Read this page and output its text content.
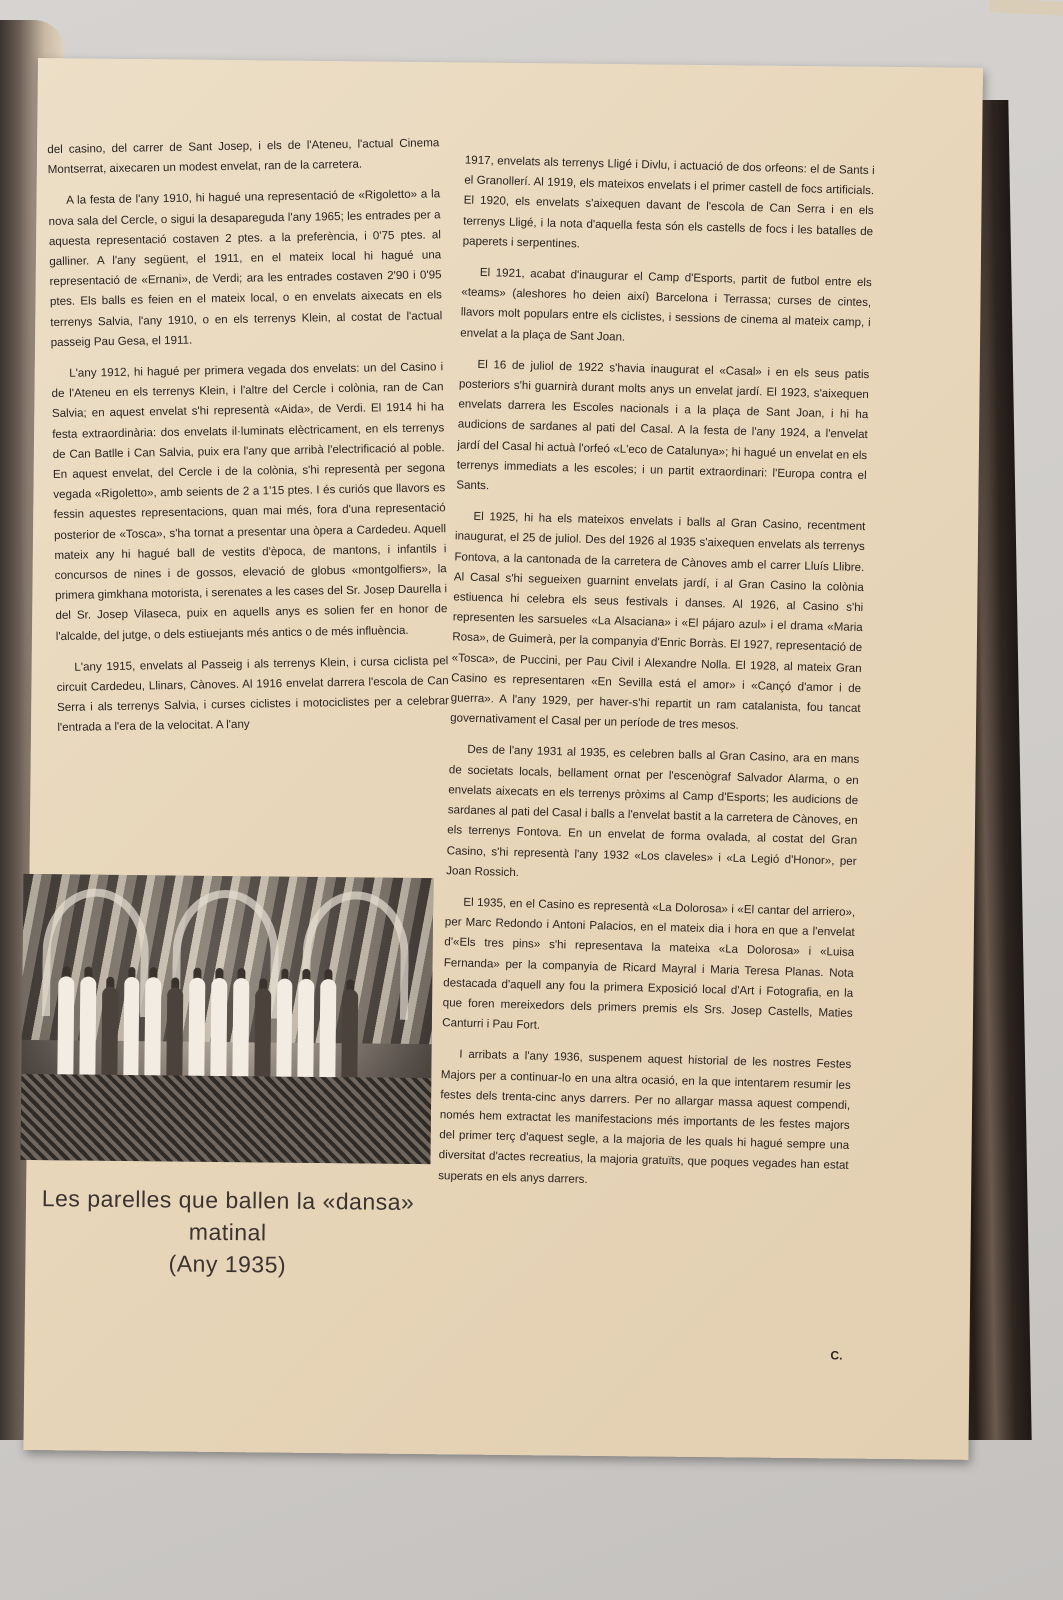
del casino, del carrer de Sant Josep, i els de l'Ateneu, l'actual Cinema Montserrat, aixecaren un modest envelat, ran de la carretera.

A la festa de l'any 1910, hi hagué una representació de «Rigoletto» a la nova sala del Cercle, o sigui la desapareguda l'any 1965; les entrades per a aquesta representació costaven 2 ptes. a la preferència, i 0'75 ptes. al galliner. A l'any següent, el 1911, en el mateix local hi hagué una representació de «Ernani», de Verdi; ara les entrades costaven 2'90 i 0'95 ptes. Els balls es feien en el mateix local, o en envelats aixecats en els terrenys Salvia, l'any 1910, o en els terrenys Klein, al costat de l'actual passeig Pau Gesa, el 1911.

L'any 1912, hi hagué per primera vegada dos envelats: un del Casino i de l'Ateneu en els terrenys Klein, i l'altre del Cercle i colònia, ran de Can Salvia; en aquest envelat s'hi representà «Aida», de Verdi. El 1914 hi ha festa extraordinària: dos envelats il·luminats elèctricament, en els terrenys de Can Batlle i Can Salvia, puix era l'any que arribà l'electrificació al poble. En aquest envelat, del Cercle i de la colònia, s'hi representà per segona vegada «Rigoletto», amb seients de 2 a 1'15 ptes. I és curiós que llavors es fessin aquestes representacions, quan mai més, fora d'una representació posterior de «Tosca», s'ha tornat a presentar una òpera a Cardedeu. Aquell mateix any hi hagué ball de vestits d'època, de mantons, i infantils i concursos de nines i de gossos, elevació de globus «montgolfiers», la primera gimkhana motorista, i serenates a les cases del Sr. Josep Daurella i del Sr. Josep Vilaseca, puix en aquells anys es solien fer en honor de l'alcalde, del jutge, o dels estiuejants més antics o de més influència.

L'any 1915, envelats al Passeig i als terrenys Klein, i cursa ciclista pel circuit Cardedeu, Llinars, Cànoves. Al 1916 envelat darrera l'escola de Can Serra i als terrenys Salvia, i curses ciclistes i motociclistes per a celebrar l'entrada a l'era de la velocitat. A l'any

Les parelles que ballen la «dansa»
matinal
(Any 1935)

1917, envelats als terrenys Lligé i Divlu, i actuació de dos orfeons: el de Sants i el Granollerí. Al 1919, els mateixos envelats i el primer castell de focs artificials. El 1920, els envelats s'aixequen davant de l'escola de Can Serra i en els terrenys Lligé, i la nota d'aquella festa són els castells de focs i les batalles de paperets i serpentines.

El 1921, acabat d'inaugurar el Camp d'Esports, partit de futbol entre els «teams» (aleshores ho deien així) Barcelona i Terrassa; curses de cintes, llavors molt populars entre els ciclistes, i sessions de cinema al mateix camp, i envelat a la plaça de Sant Joan.

El 16 de juliol de 1922 s'havia inaugurat el «Casal» i en els seus patis posteriors s'hi guarnirà durant molts anys un envelat jardí. El 1923, s'aixequen envelats darrera les Escoles nacionals i a la plaça de Sant Joan, i hi ha audicions de sardanes al pati del Casal. A la festa de l'any 1924, a l'envelat jardí del Casal hi actuà l'orfeó «L'eco de Catalunya»; hi hagué un envelat en els terrenys immediats a les escoles; i un partit extraordinari: l'Europa contra el Sants.

El 1925, hi ha els mateixos envelats i balls al Gran Casino, recentment inaugurat, el 25 de juliol. Des del 1926 al 1935 s'aixequen envelats als terrenys Fontova, a la cantonada de la carretera de Cànoves amb el carrer Lluís Llibre. Al Casal s'hi segueixen guarnint envelats jardí, i al Gran Casino la colònia estiuenca hi celebra els seus festivals i danses. Al 1926, al Casino s'hi representen les sarsueles «La Alsaciana» i «El pájaro azul» i el drama «Maria Rosa», de Guimerà, per la companyia d'Enric Borràs. El 1927, representació de «Tosca», de Puccini, per Pau Civil i Alexandre Nolla. El 1928, al mateix Gran Casino es representaren «En Sevilla está el amor» i «Cançó d'amor i de guerra». A l'any 1929, per haver-s'hi repartit un ram catalanista, fou tancat governativament el Casal per un període de tres mesos.

Des de l'any 1931 al 1935, es celebren balls al Gran Casino, ara en mans de societats locals, bellament ornat per l'escenògraf Salvador Alarma, o en envelats aixecats en els terrenys pròxims al Camp d'Esports; les audicions de sardanes al pati del Casal i balls a l'envelat bastit a la carretera de Cànoves, en els terrenys Fontova. En un envelat de forma ovalada, al costat del Gran Casino, s'hi representà l'any 1932 «Los claveles» i «La Legió d'Honor», per Joan Rossich.

El 1935, en el Casino es representà «La Dolorosa» i «El cantar del arriero», per Marc Redondo i Antoni Palacios, en el mateix dia i hora en que a l'envelat d'«Els tres pins» s'hi representava la mateixa «La Dolorosa» i «Luisa Fernanda» per la companyia de Ricard Mayral i Maria Teresa Planas. Nota destacada d'aquell any fou la primera Exposició local d'Art i Fotografia, en la que foren mereixedors dels primers premis els Srs. Josep Castells, Maties Canturri i Pau Fort.

I arribats a l'any 1936, suspenem aquest historial de les nostres Festes Majors per a continuar-lo en una altra ocasió, en la que intentarem resumir les festes dels trenta-cinc anys darrers. Per no allargar massa aquest compendi, només hem extractat les manifestacions més importants de les festes majors del primer terç d'aquest segle, a la majoria de les quals hi hagué sempre una diversitat d'actes recreatius, la majoria gratuïts, que poques vegades han estat superats en els anys darrers.

C.
